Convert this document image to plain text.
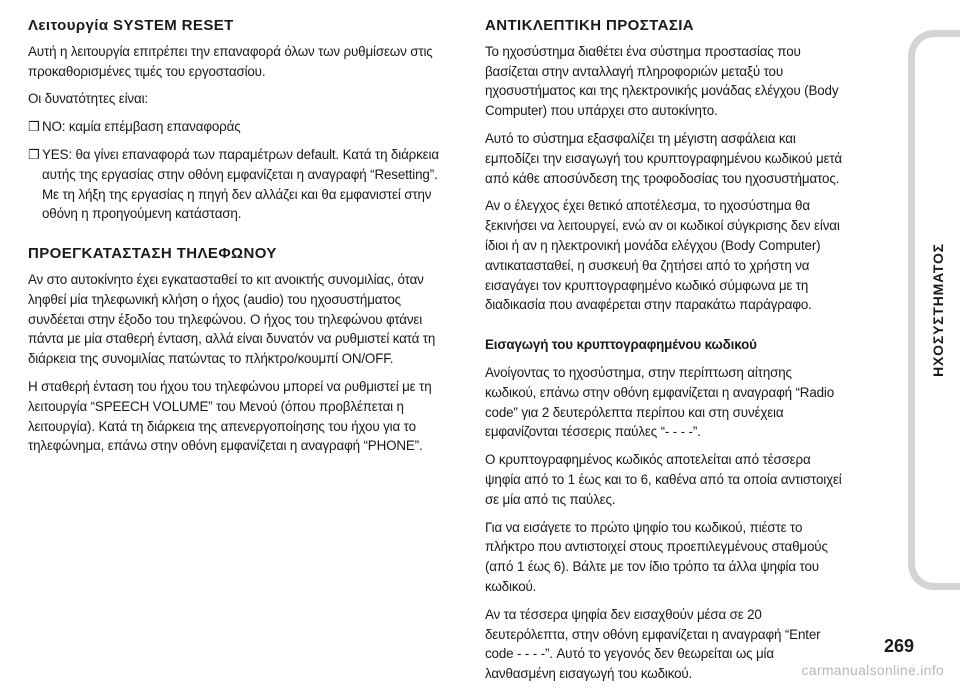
Λειτουργία SYSTEM RESET

Αυτή η λειτουργία επιτρέπει την επαναφορά όλων των ρυθμίσεων στις προκαθορισμένες τιμές του εργοστασίου.

Οι δυνατότητες είναι:

❒ NO: καμία επέμβαση επαναφοράς
❒ YES: θα γίνει επαναφορά των παραμέτρων default. Κατά τη διάρκεια αυτής της εργασίας στην οθόνη εμφανίζεται η αναγραφή “Resetting”. Με τη λήξη της εργασίας η πηγή δεν αλλάζει και θα εμφανιστεί στην οθόνη η προηγούμενη κατάσταση.
ΠΡΟΕΓΚΑΤΑΣΤΑΣΗ ΤΗΛΕΦΩΝΟΥ

Αν στο αυτοκίνητο έχει εγκατασταθεί το κιτ ανοικτής συνομιλίας, όταν ληφθεί μία τηλεφωνική κλήση ο ήχος (audio) του ηχοσυστήματος συνδέεται στην έξοδο του τηλεφώνου. Ο ήχος του τηλεφώνου φτάνει πάντα με μία σταθερή ένταση, αλλά είναι δυνατόν να ρυθμιστεί κατά τη διάρκεια της συνομιλίας πατώντας το πλήκτρο/κουμπί ON/OFF.

Η σταθερή ένταση του ήχου του τηλεφώνου μπορεί να ρυθμιστεί με τη λειτουργία “SPEECH VOLUME” του Μενού (όπου προβλέπεται η λειτουργία). Κατά τη διάρκεια της απενεργοποίησης του ήχου για το τηλεφώνημα, επάνω στην οθόνη εμφανίζεται η αναγραφή “PHONE”.

ΑΝΤΙΚΛΕΠΤΙΚΗ ΠΡΟΣΤΑΣΙΑ

Το ηχοσύστημα διαθέτει ένα σύστημα προστασίας που βασίζεται στην ανταλλαγή πληροφοριών μεταξύ του ηχοσυστήματος και της ηλεκτρονικής μονάδας ελέγχου (Body Computer) που υπάρχει στο αυτοκίνητο.

Αυτό το σύστημα εξασφαλίζει τη μέγιστη ασφάλεια και εμποδίζει την εισαγωγή του κρυπτογραφημένου κωδικού μετά από κάθε αποσύνδεση της τροφοδοσίας του ηχοσυστήματος.

Αν ο έλεγχος έχει θετικό αποτέλεσμα, το ηχοσύστημα θα ξεκινήσει να λειτουργεί, ενώ αν οι κωδικοί σύγκρισης δεν είναι ίδιοι ή αν η ηλεκτρονική μονάδα ελέγχου (Body Computer) αντικατασταθεί, η συσκευή θα ζητήσει από το χρήστη να εισαγάγει τον κρυπτογραφημένο κωδικό σύμφωνα με τη διαδικασία που αναφέρεται στην παρακάτω παράγραφο.

Εισαγωγή του κρυπτογραφημένου κωδικού

Ανοίγοντας το ηχοσύστημα, στην περίπτωση αίτησης κωδικού, επάνω στην οθόνη εμφανίζεται η αναγραφή “Radio code” για 2 δευτερόλεπτα περίπου και στη συνέχεια εμφανίζονται τέσσερις παύλες “- - - -”.

Ο κρυπτογραφημένος κωδικός αποτελείται από τέσσερα ψηφία από το 1 έως και το 6, καθένα από τα οποία αντιστοιχεί σε μία από τις παύλες.

Για να εισάγετε το πρώτο ψηφίο του κωδικού, πιέστε το πλήκτρο που αντιστοιχεί στους προεπιλεγμένους σταθμούς (από 1 έως 6). Βάλτε με τον ίδιο τρόπο τα άλλα ψηφία του κωδικού.

Αν τα τέσσερα ψηφία δεν εισαχθούν μέσα σε 20 δευτερόλεπτα, στην οθόνη εμφανίζεται η αναγραφή “Enter code - - - -”. Αυτό το γεγονός δεν θεωρείται ως μία λανθασμένη εισαγωγή του κωδικού.

ΗΧΟΣΥΣΤΗΜΑΤΟΣ
269
carmanualsonline.info
